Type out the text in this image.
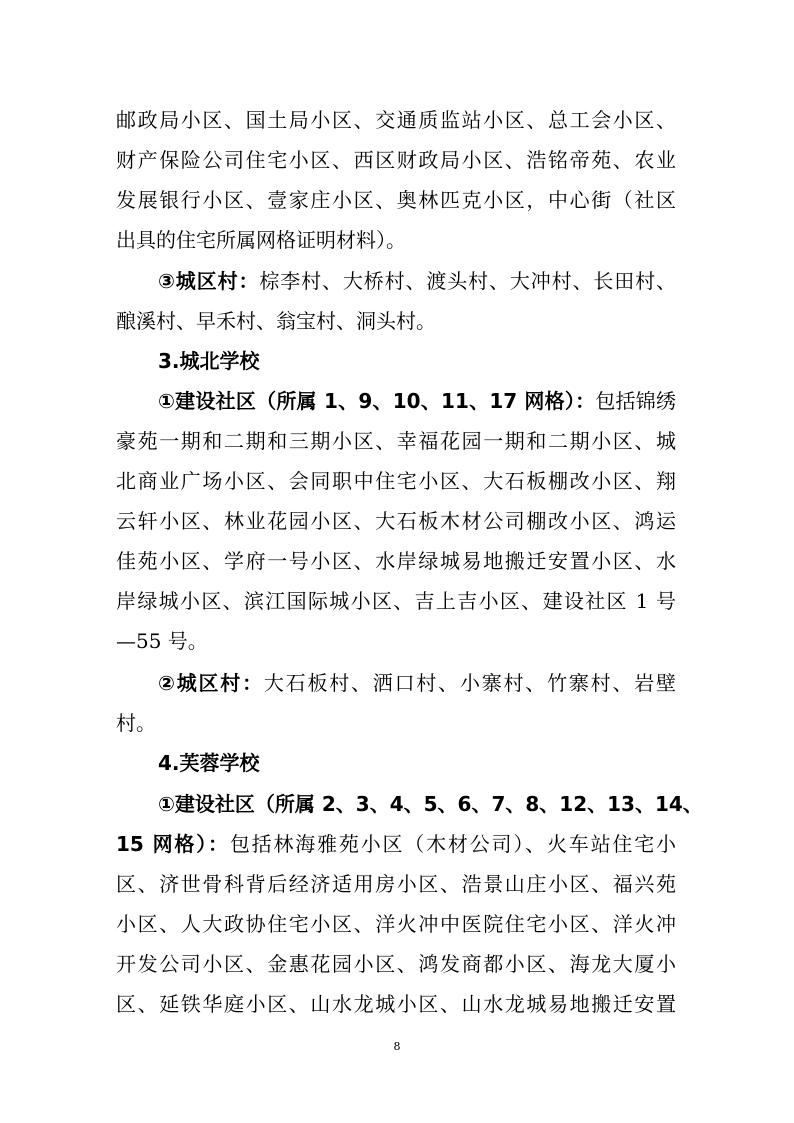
邮政局小区、国土局小区、交通质监站小区、总工会小区、
财产保险公司住宅小区、西区财政局小区、浩铭帝苑、农业
发展银行小区、壹家庄小区、奥林匹克小区，中心街（社区
出具的住宅所属网格证明材料）。
③城区村：棕李村、大桥村、渡头村、大冲村、长田村、
酿溪村、早禾村、翁宝村、洞头村。
3.城北学校
①建设社区（所属 1、9、10、11、17 网格）：包括锦绣
豪苑一期和二期和三期小区、幸福花园一期和二期小区、城
北商业广场小区、会同职中住宅小区、大石板棚改小区、翔
云轩小区、林业花园小区、大石板木材公司棚改小区、鸿运
佳苑小区、学府一号小区、水岸绿城易地搬迁安置小区、水
岸绿城小区、滨江国际城小区、吉上吉小区、建设社区 1 号
—55 号。
②城区村：大石板村、洒口村、小寨村、竹寨村、岩壁
村。
4.芙蓉学校
①建设社区（所属 2、3、4、5、6、7、8、12、13、14、
15 网格）：包括林海雅苑小区（木材公司）、火车站住宅小
区、济世骨科背后经济适用房小区、浩景山庄小区、福兴苑
小区、人大政协住宅小区、洋火冲中医院住宅小区、洋火冲
开发公司小区、金惠花园小区、鸿发商都小区、海龙大厦小
区、延铁华庭小区、山水龙城小区、山水龙城易地搬迁安置
8
